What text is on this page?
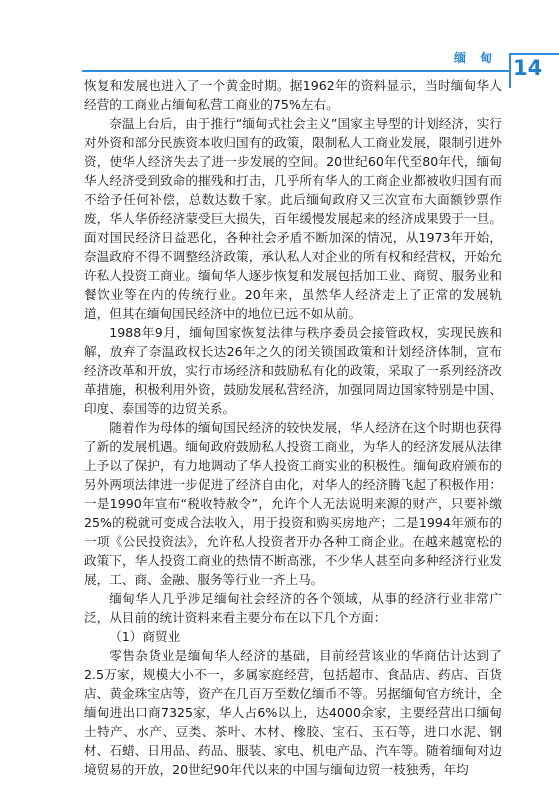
缅 甸 14

恢复和发展也进入了一个黄金时期。据1962年的资料显示，当时缅甸华人经营的工商业占缅甸私营工商业的75%左右。

奈温上台后，由于推行“缅甸式社会主义”国家主导型的计划经济，实行对外资和部分民族资本收归国有的政策，限制私人工商业发展，限制引进外资，使华人经济失去了进一步发展的空间。20世纪60年代至80年代，缅甸华人经济受到致命的摧残和打击，几乎所有华人的工商企业都被收归国有而不给予任何补偿，总数达数千家。此后缅甸政府又三次宣布大面额钞票作废，华人华侨经济蒙受巨大损失，百年缓慢发展起来的经济成果毁于一旦。面对国民经济日益恶化，各种社会矛盾不断加深的情况，从1973年开始，奈温政府不得不调整经济政策，承认私人对企业的所有权和经营权，开始允许私人投资工商业。缅甸华人逐步恢复和发展包括加工业、商贸、服务业和餐饮业等在内的传统行业。20年来，虽然华人经济走上了正常的发展轨道，但其在缅甸国民经济中的地位已远不如从前。

1988年9月，缅甸国家恢复法律与秩序委员会接管政权，实现民族和解，放弃了奈温政权长达26年之久的闭关锁国政策和计划经济体制，宣布经济改革和开放，实行市场经济和鼓励私有化的政策，采取了一系列经济改革措施，积极利用外资，鼓励发展私营经济，加强同周边国家特别是中国、印度、泰国等的边贸关系。

随着作为母体的缅甸国民经济的较快发展，华人经济在这个时期也获得了新的发展机遇。缅甸政府鼓励私人投资工商业，为华人的经济发展从法律上予以了保护，有力地调动了华人投资工商实业的积极性。缅甸政府颁布的另外两项法律进一步促进了经济自由化，对华人的经济腾飞起了积极作用：一是1990年宣布“税收特赦令”，允许个人无法说明来源的财产，只要补缴25%的税就可变成合法收入，用于投资和购买房地产；二是1994年颁布的一项《公民投资法》，允许私人投资者开办各种工商企业。在越来越宽松的政策下，华人投资工商业的热情不断高涨，不少华人甚至向多种经济行业发展，工、商、金融、服务等行业一齐上马。

缅甸华人几乎涉足缅甸社会经济的各个领域，从事的经济行业非常广泛，从目前的统计资料来看主要分布在以下几个方面：

（1）商贸业

零售杂货业是缅甸华人经济的基础，目前经营该业的华商估计达到了2.5万家，规模大小不一，多属家庭经营，包括超市、食品店、药店、百货店、黄金珠宝店等，资产在几百万至数亿缅币不等。另据缅甸官方统计，全缅甸进出口商7325家，华人占6%以上，达4000余家，主要经营出口缅甸土特产、水产、豆类、茶叶、木材、橡胶、宝石、玉石等，进口水泥、钢材、石蜡、日用品、药品、服装、家电、机电产品、汽车等。随着缅甸对边境贸易的开放，20世纪90年代以来的中国与缅甸边贸一枝独秀，年均
